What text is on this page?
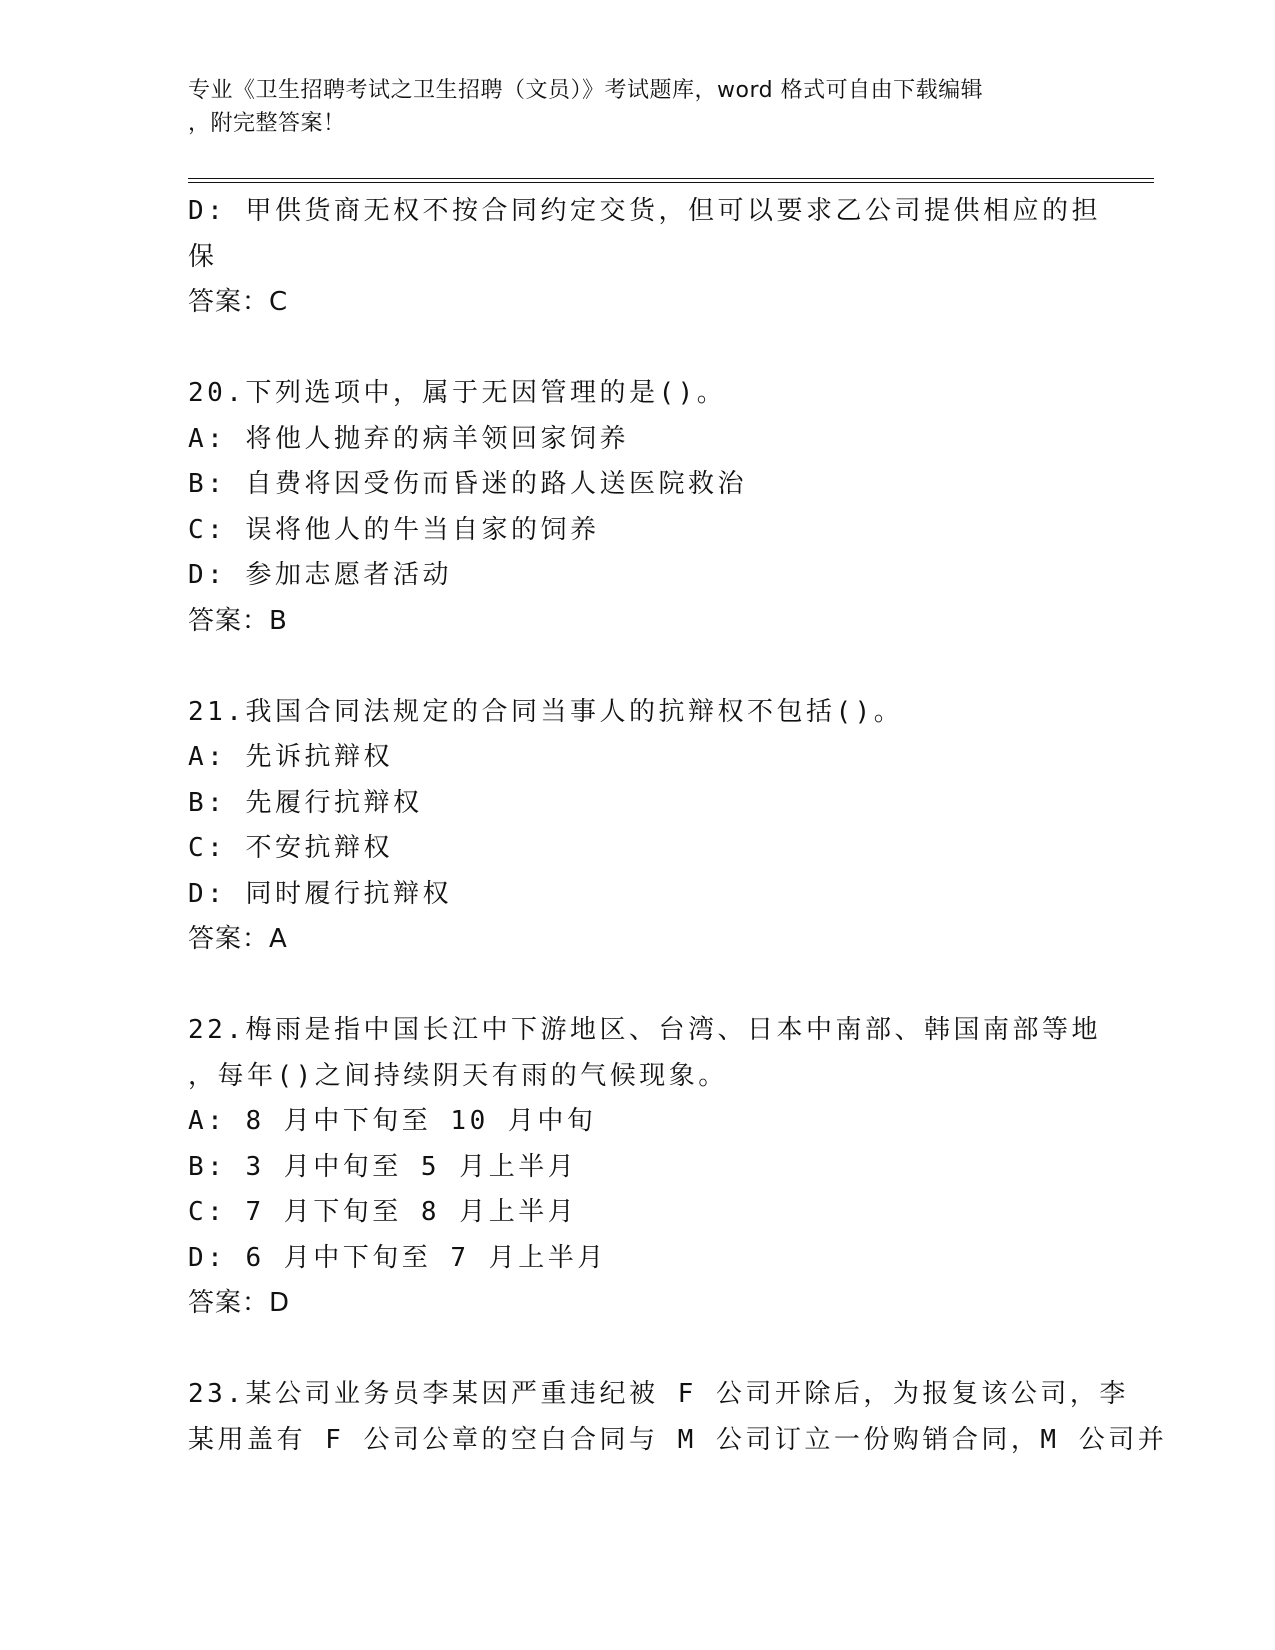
专业《卫生招聘考试之卫生招聘（文员）》考试题库，word 格式可自由下载编辑
，附完整答案！
D: 甲供货商无权不按合同约定交货，但可以要求乙公司提供相应的担
保
答案：C
20.下列选项中，属于无因管理的是()。
A: 将他人抛弃的病羊领回家饲养
B: 自费将因受伤而昏迷的路人送医院救治
C: 误将他人的牛当自家的饲养
D: 参加志愿者活动
答案：B
21.我国合同法规定的合同当事人的抗辩权不包括()。
A: 先诉抗辩权
B: 先履行抗辩权
C: 不安抗辩权
D: 同时履行抗辩权
答案：A
22.梅雨是指中国长江中下游地区、台湾、日本中南部、韩国南部等地
，每年()之间持续阴天有雨的气候现象。
A: 8 月中下旬至 10 月中旬
B: 3 月中旬至 5 月上半月
C: 7 月下旬至 8 月上半月
D: 6 月中下旬至 7 月上半月
答案：D
23.某公司业务员李某因严重违纪被 F 公司开除后，为报复该公司，李
某用盖有 F 公司公章的空白合同与 M 公司订立一份购销合同，M 公司并
